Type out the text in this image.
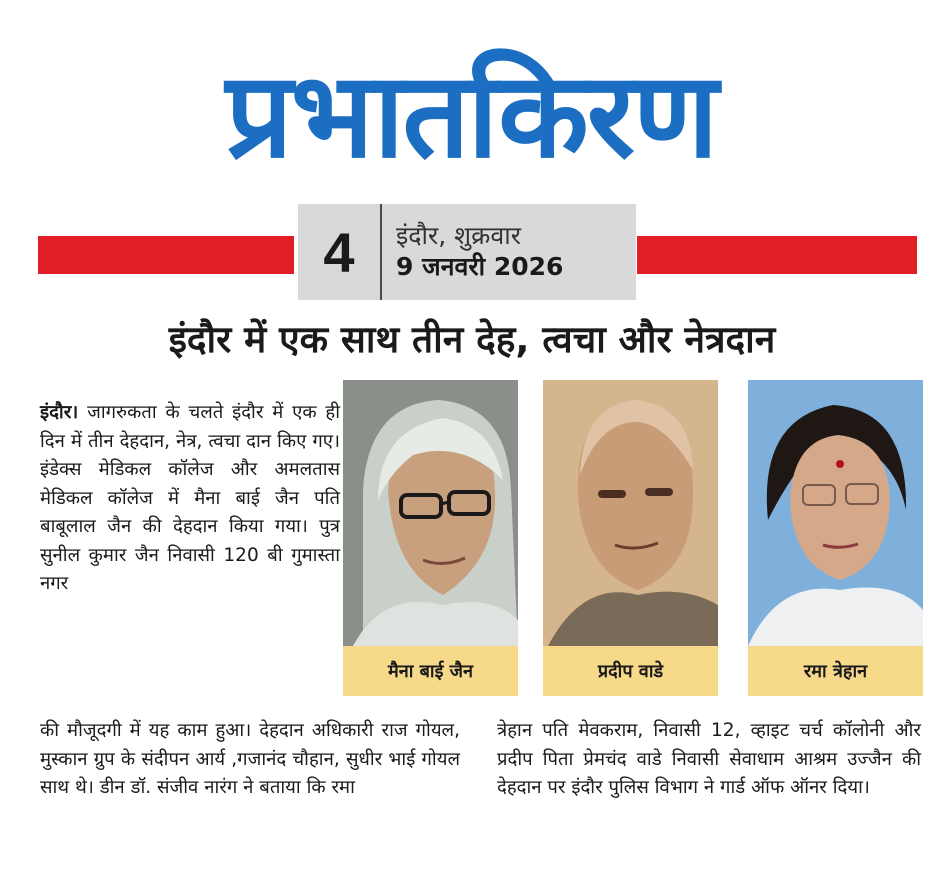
प्रभातकिरण
4	इंदौर, शुक्रवार
9 जनवरी 2026
इंदौर में एक साथ तीन देह, त्वचा और नेत्रदान
इंदौर। जागरुकता के चलते इंदौर में एक ही दिन में तीन देहदान, नेत्र, त्वचा दान किए गए। इंडेक्स मेडिकल कॉलेज और अमलतास मेडिकल कॉलेज में मैना बाई जैन पति बाबूलाल जैन की देहदान किया गया। पुत्र सुनील कुमार जैन निवासी 120 बी गुमास्ता नगर
मैना बाई जैन	प्रदीप वाडे	रमा त्रेहान
की मौजूदगी में यह काम हुआ। देहदान अधिकारी राज गोयल, मुस्कान ग्रुप के संदीपन आर्य ,गजानंद चौहान, सुधीर भाई गोयल साथ थे। डीन डॉ. संजीव नारंग ने बताया कि रमा
त्रेहान पति मेवकराम, निवासी 12, व्हाइट चर्च कॉलोनी और प्रदीप पिता प्रेमचंद वाडे निवासी सेवाधाम आश्रम उज्जैन की देहदान पर इंदौर पुलिस विभाग ने गार्ड ऑफ ऑनर दिया।
